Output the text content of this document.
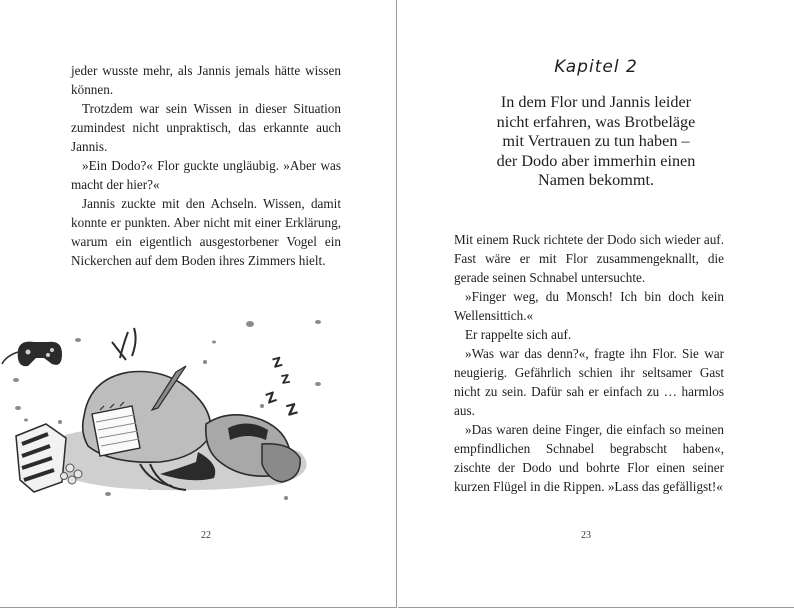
jeder wusste mehr, als Jannis jemals hätte wissen können.

Trotzdem war sein Wissen in dieser Situation zumindest nicht unpraktisch, das erkannte auch Jannis.

»Ein Dodo?« Flor guckte ungläubig. »Aber was macht der hier?«

Jannis zuckte mit den Achseln. Wissen, damit konnte er punkten. Aber nicht mit einer Erklärung, warum ein eigentlich ausgestorbener Vogel ein Nickerchen auf dem Boden ihres Zimmers hielt.

Z
Z
Z
Z
22
Kapitel 2
In dem Flor und Jannis leider
nicht erfahren, was Brotbeläge
mit Vertrauen zu tun haben –
der Dodo aber immerhin einen
Namen bekommt.

Mit einem Ruck richtete der Dodo sich wieder auf. Fast wäre er mit Flor zusammengeknallt, die gerade seinen Schnabel untersuchte.

»Finger weg, du Monsch! Ich bin doch kein Wellensittich.«

Er rappelte sich auf.

»Was war das denn?«, fragte ihn Flor. Sie war neugierig. Gefährlich schien ihr seltsamer Gast nicht zu sein. Dafür sah er einfach zu … harmlos aus.

»Das waren deine Finger, die einfach so meinen empfindlichen Schnabel begrabscht haben«, zischte der Dodo und bohrte Flor einen seiner kurzen Flügel in die Rippen. »Lass das gefälligst!«

23
